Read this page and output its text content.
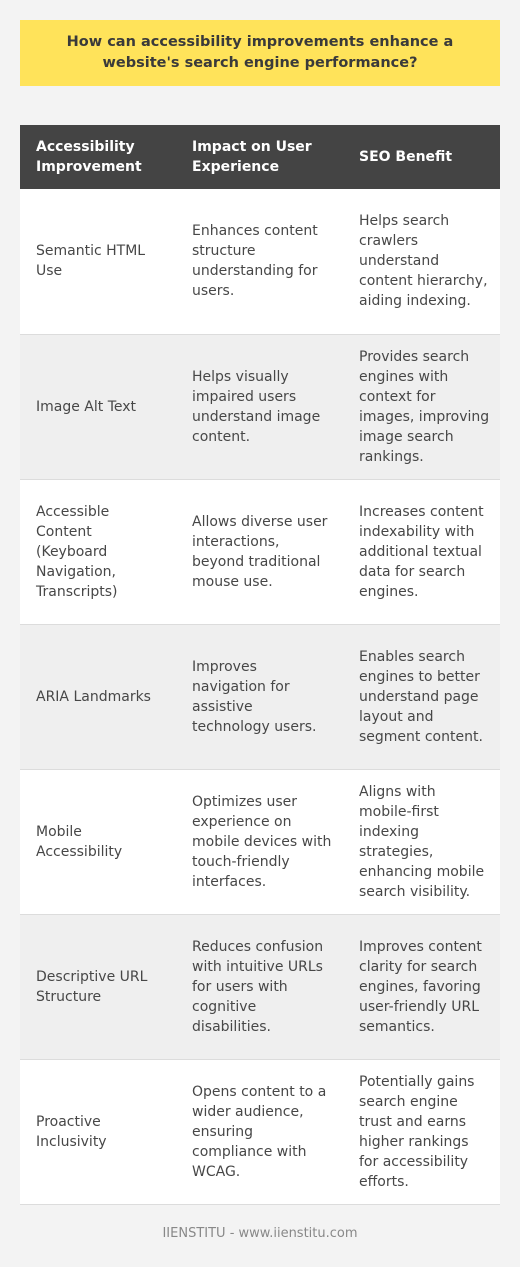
How can accessibility improvements enhance a website's search engine performance?
Accessibility Improvement	Impact on User Experience	SEO Benefit
Semantic HTML Use	Enhances content structure understanding for users.	Helps search crawlers understand content hierarchy, aiding indexing.
Image Alt Text	Helps visually impaired users understand image content.	Provides search engines with context for images, improving image search rankings.
Accessible Content (Keyboard Navigation, Transcripts)	Allows diverse user interactions, beyond traditional mouse use.	Increases content indexability with additional textual data for search engines.
ARIA Landmarks	Improves navigation for assistive technology users.	Enables search engines to better understand page layout and segment content.
Mobile Accessibility	Optimizes user experience on mobile devices with touch-friendly interfaces.	Aligns with mobile-first indexing strategies, enhancing mobile search visibility.
Descriptive URL Structure	Reduces confusion with intuitive URLs for users with cognitive disabilities.	Improves content clarity for search engines, favoring user-friendly URL semantics.
Proactive Inclusivity	Opens content to a wider audience, ensuring compliance with WCAG.	Potentially gains search engine trust and earns higher rankings for accessibility efforts.
IIENSTITU - www.iienstitu.com
